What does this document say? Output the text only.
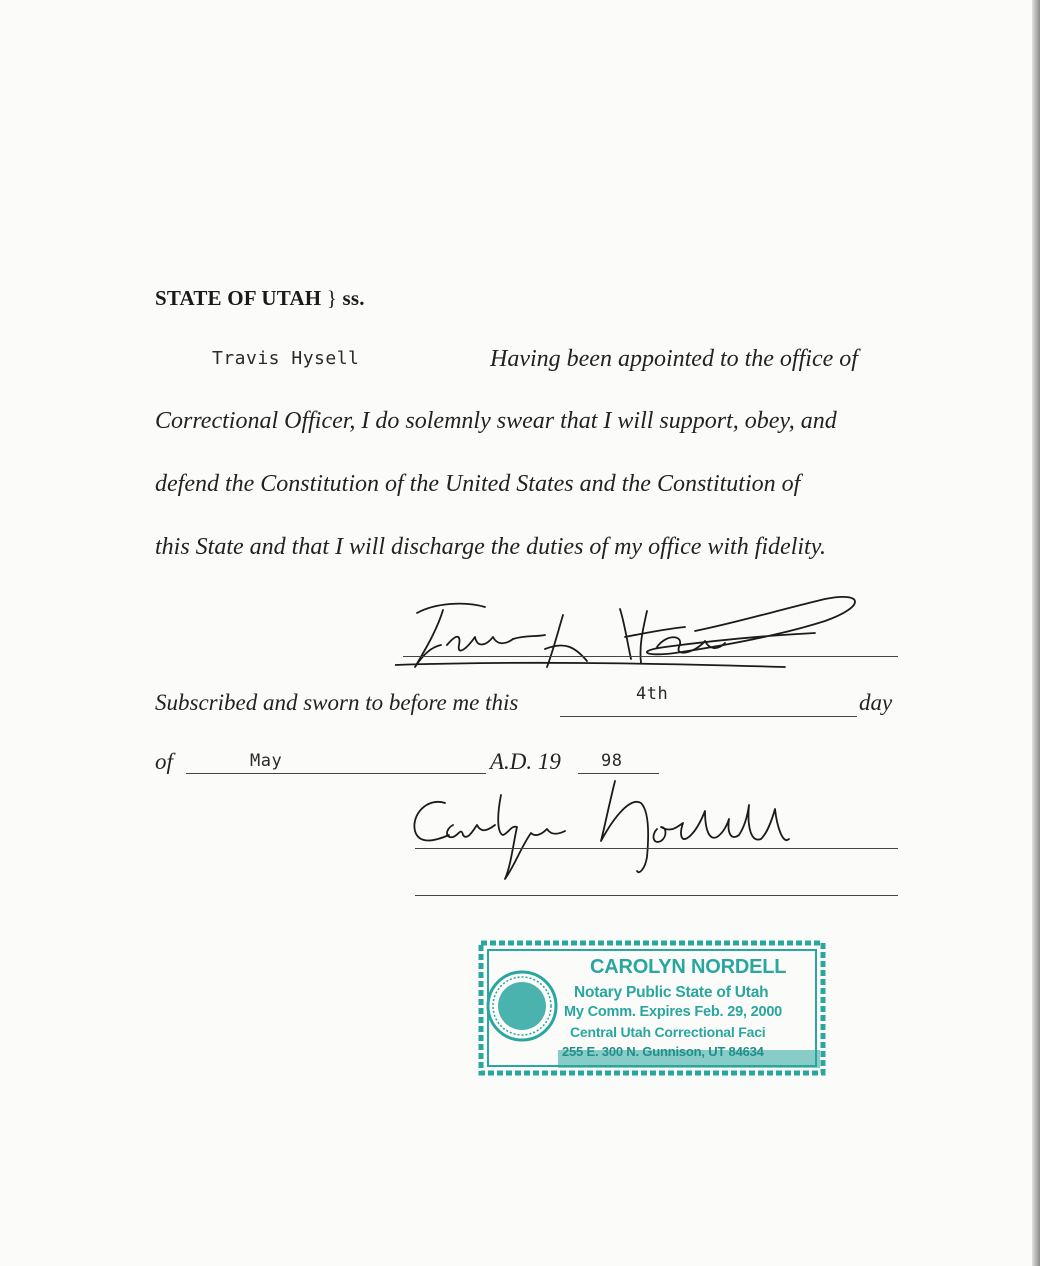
STATE OF UTAH } ss.
Travis Hysell	Having been appointed to the office of
Correctional Officer, I do solemnly swear that I will support, obey, and
defend the Constitution of the United States and the Constitution of
this State and that I will discharge the duties of my office with fidelity.
Subscribed and sworn to before me this	4th	day
of	May	A.D. 19 98
CAROLYN NORDELL
Notary Public State of Utah
My Comm. Expires Feb. 29, 2000
Central Utah Correctional Faci
255 E. 300 N. Gunnison, UT 84634
